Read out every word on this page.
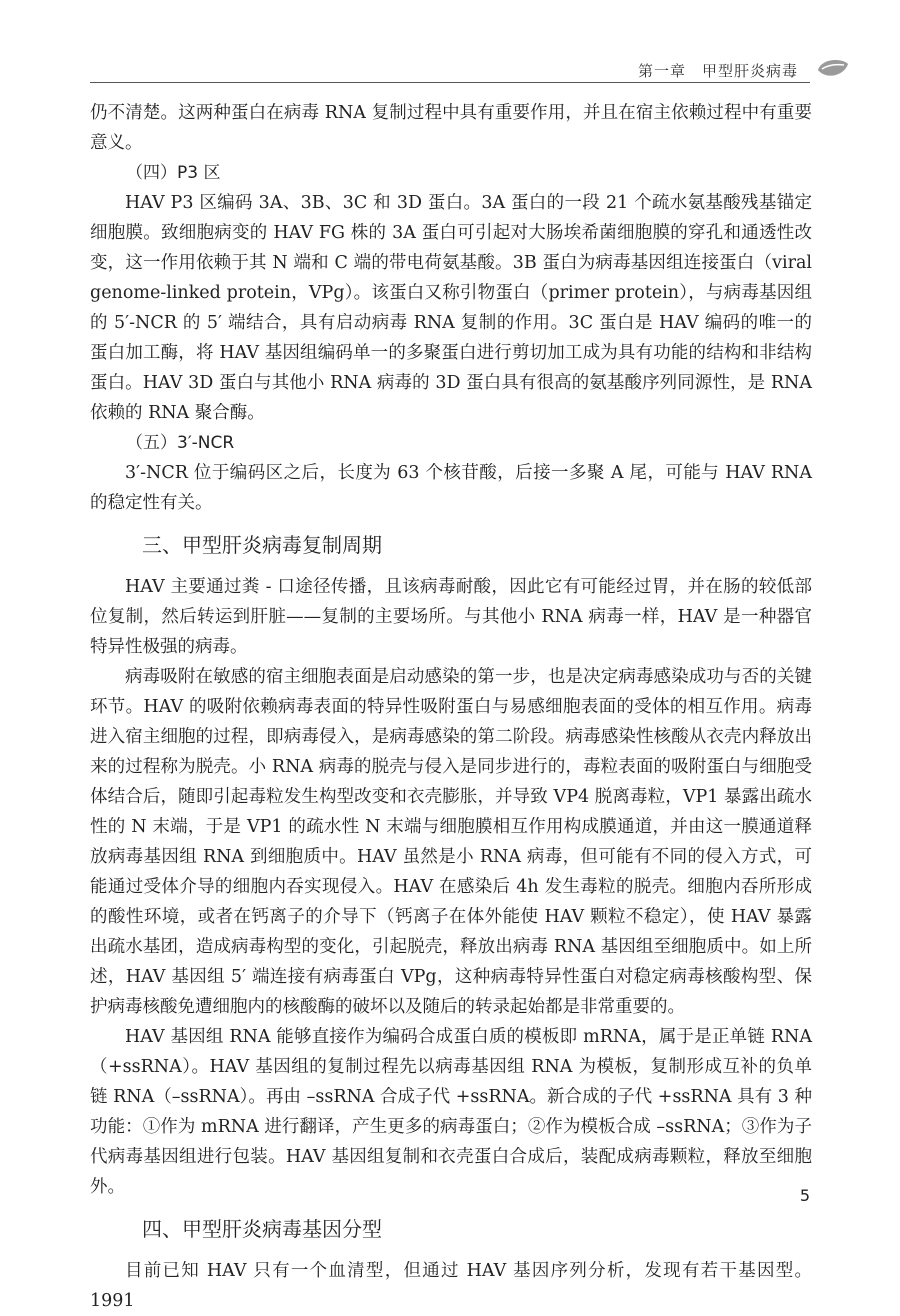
第一章　甲型肝炎病毒

仍不清楚。这两种蛋白在病毒 RNA 复制过程中具有重要作用，并且在宿主依赖过程中有重要意义。

（四）P3 区

HAV P3 区编码 3A、3B、3C 和 3D 蛋白。3A 蛋白的一段 21 个疏水氨基酸残基锚定细胞膜。致细胞病变的 HAV FG 株的 3A 蛋白可引起对大肠埃希菌细胞膜的穿孔和通透性改变，这一作用依赖于其 N 端和 C 端的带电荷氨基酸。3B 蛋白为病毒基因组连接蛋白（viral genome-linked protein，VPg）。该蛋白又称引物蛋白（primer protein），与病毒基因组的 5′-NCR 的 5′ 端结合，具有启动病毒 RNA 复制的作用。3C 蛋白是 HAV 编码的唯一的蛋白加工酶，将 HAV 基因组编码单一的多聚蛋白进行剪切加工成为具有功能的结构和非结构蛋白。HAV 3D 蛋白与其他小 RNA 病毒的 3D 蛋白具有很高的氨基酸序列同源性，是 RNA 依赖的 RNA 聚合酶。

（五）3′-NCR

3′-NCR 位于编码区之后，长度为 63 个核苷酸，后接一多聚 A 尾，可能与 HAV RNA 的稳定性有关。

三、甲型肝炎病毒复制周期

HAV 主要通过粪 - 口途径传播，且该病毒耐酸，因此它有可能经过胃，并在肠的较低部位复制，然后转运到肝脏——复制的主要场所。与其他小 RNA 病毒一样，HAV 是一种器官特异性极强的病毒。

病毒吸附在敏感的宿主细胞表面是启动感染的第一步，也是决定病毒感染成功与否的关键环节。HAV 的吸附依赖病毒表面的特异性吸附蛋白与易感细胞表面的受体的相互作用。病毒进入宿主细胞的过程，即病毒侵入，是病毒感染的第二阶段。病毒感染性核酸从衣壳内释放出来的过程称为脱壳。小 RNA 病毒的脱壳与侵入是同步进行的，毒粒表面的吸附蛋白与细胞受体结合后，随即引起毒粒发生构型改变和衣壳膨胀，并导致 VP4 脱离毒粒，VP1 暴露出疏水性的 N 末端，于是 VP1 的疏水性 N 末端与细胞膜相互作用构成膜通道，并由这一膜通道释放病毒基因组 RNA 到细胞质中。HAV 虽然是小 RNA 病毒，但可能有不同的侵入方式，可能通过受体介导的细胞内吞实现侵入。HAV 在感染后 4h 发生毒粒的脱壳。细胞内吞所形成的酸性环境，或者在钙离子的介导下（钙离子在体外能使 HAV 颗粒不稳定），使 HAV 暴露出疏水基团，造成病毒构型的变化，引起脱壳，释放出病毒 RNA 基因组至细胞质中。如上所述，HAV 基因组 5′ 端连接有病毒蛋白 VPg，这种病毒特异性蛋白对稳定病毒核酸构型、保护病毒核酸免遭细胞内的核酸酶的破坏以及随后的转录起始都是非常重要的。

HAV 基因组 RNA 能够直接作为编码合成蛋白质的模板即 mRNA，属于是正单链 RNA（+ssRNA）。HAV 基因组的复制过程先以病毒基因组 RNA 为模板，复制形成互补的负单链 RNA（–ssRNA）。再由 –ssRNA 合成子代 +ssRNA。新合成的子代 +ssRNA 具有 3 种功能：①作为 mRNA 进行翻译，产生更多的病毒蛋白；②作为模板合成 –ssRNA；③作为子代病毒基因组进行包装。HAV 基因组复制和衣壳蛋白合成后，装配成病毒颗粒，释放至细胞外。

四、甲型肝炎病毒基因分型

目前已知 HAV 只有一个血清型，但通过 HAV 基因序列分析，发现有若干基因型。1991

5
